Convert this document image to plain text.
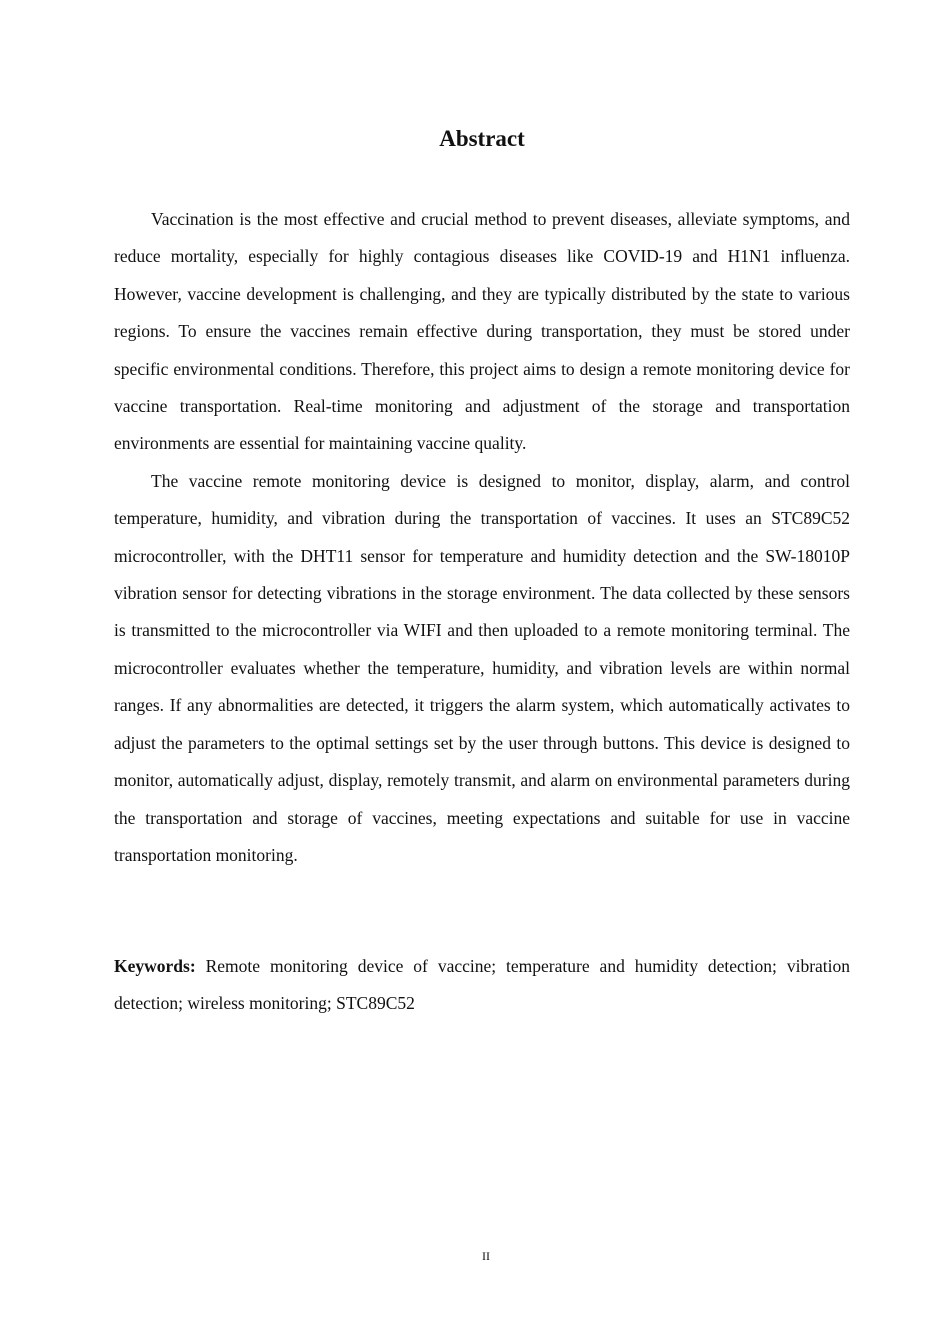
Abstract

Vaccination is the most effective and crucial method to prevent diseases, alleviate symptoms, and reduce mortality, especially for highly contagious diseases like COVID-19 and H1N1 influenza. However, vaccine development is challenging, and they are typically distributed by the state to various regions. To ensure the vaccines remain effective during transportation, they must be stored under specific environmental conditions. Therefore, this project aims to design a remote monitoring device for vaccine transportation. Real-time monitoring and adjustment of the storage and transportation environments are essential for maintaining vaccine quality.

The vaccine remote monitoring device is designed to monitor, display, alarm, and control temperature, humidity, and vibration during the transportation of vaccines. It uses an STC89C52 microcontroller, with the DHT11 sensor for temperature and humidity detection and the SW-18010P vibration sensor for detecting vibrations in the storage environment. The data collected by these sensors is transmitted to the microcontroller via WIFI and then uploaded to a remote monitoring terminal. The microcontroller evaluates whether the temperature, humidity, and vibration levels are within normal ranges. If any abnormalities are detected, it triggers the alarm system, which automatically activates to adjust the parameters to the optimal settings set by the user through buttons. This device is designed to monitor, automatically adjust, display, remotely transmit, and alarm on environmental parameters during the transportation and storage of vaccines, meeting expectations and suitable for use in vaccine transportation monitoring.

Keywords: Remote monitoring device of vaccine; temperature and humidity detection; vibration detection; wireless monitoring; STC89C52

II
